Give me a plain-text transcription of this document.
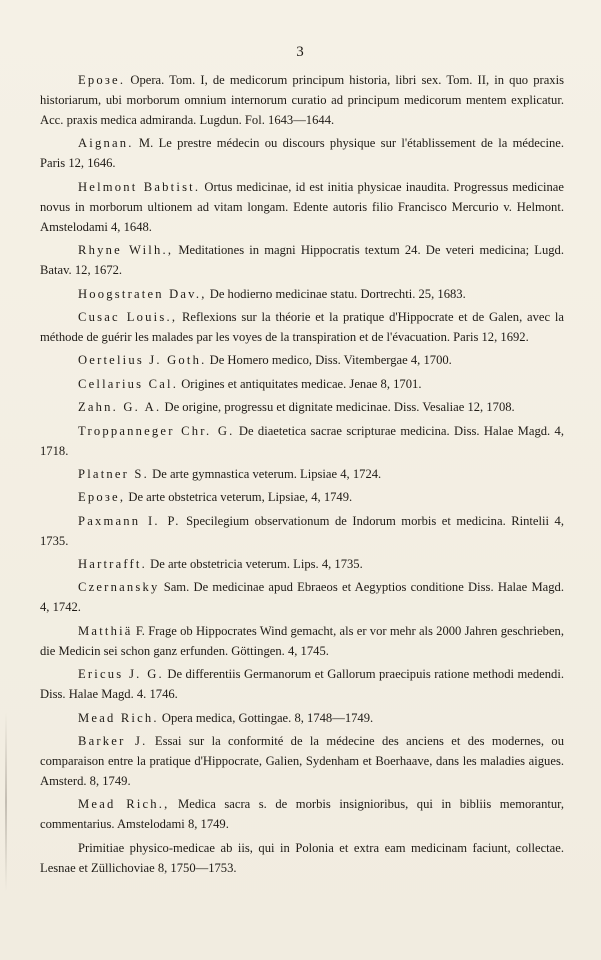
3

Ерозе. Opera. Tom. I, de medicorum principum historia, libri sex. Tom. II, in quo praxis historiarum, ubi morborum omnium internorum curatio ad principum medicorum mentem explicatur. Acc. praxis medica admiranda. Lugdun. Fol. 1643—1644.

Aignan. M. Le prestre médecin ou discours physique sur l'établissement de la médecine. Paris 12, 1646.

Helmont Babtist. Ortus medicinae, id est initia physicae inaudita. Progressus medicinae novus in morborum ultionem ad vitam longam. Edente autoris filio Francisco Mercurio v. Helmont. Amstelodami 4, 1648.

Rhyne Wilh., Meditationes in magni Hippocratis textum 24. De veteri medicina; Lugd. Batav. 12, 1672.

Hoogstraten Dav., De hodierno medicinae statu. Dortrechti. 25, 1683.

Cusac Louis., Reflexions sur la théorie et la pratique d'Hippocrate et de Galen, avec la méthode de guérir les malades par les voyes de la transpiration et de l'évacuation. Paris 12, 1692.

Oertelius J. Goth. De Homero medico, Diss. Vitembergae 4, 1700.

Cellarius Cal. Origines et antiquitates medicae. Jenae 8, 1701.

Zahn. G. A. De origine, progressu et dignitate medicinae. Diss. Vesaliae 12, 1708.

Troppanneger Chr. G. De diaetetica sacrae scripturae medicina. Diss. Halae Magd. 4, 1718.

Platner S. De arte gymnastica veterum. Lipsiae 4, 1724.

Ерозе, De arte obstetrica veterum, Lipsiae, 4, 1749.

Paxmann I. P. Specilegium observationum de Indorum morbis et medicina. Rintelii 4, 1735.

Hartrafft. De arte obstetricia veterum. Lips. 4, 1735.

Czernansky Sam. De medicinae apud Ebraeos et Aegyptios conditione Diss. Halae Magd. 4, 1742.

Matthiä F. Frage ob Hippocrates Wind gemacht, als er vor mehr als 2000 Jahren geschrieben, die Medicin sei schon ganz erfunden. Göttingen. 4, 1745.

Ericus J. G. De differentiis Germanorum et Gallorum praecipuis ratione methodi medendi. Diss. Halae Magd. 4. 1746.

Mead Rich. Opera medica, Gottingae. 8, 1748—1749.

Barker J. Essai sur la conformité de la médecine des anciens et des modernes, ou comparaison entre la pratique d'Hippocrate, Galien, Sydenham et Boerhaave, dans les maladies aigues. Amsterd. 8, 1749.

Mead Rich., Medica sacra s. de morbis insignioribus, qui in bibliis memorantur, commentarius. Amstelodami 8, 1749.

Primitiae physico-medicae ab iis, qui in Polonia et extra eam medicinam faciunt, collectae. Lesnae et Züllichoviae 8, 1750—1753.
